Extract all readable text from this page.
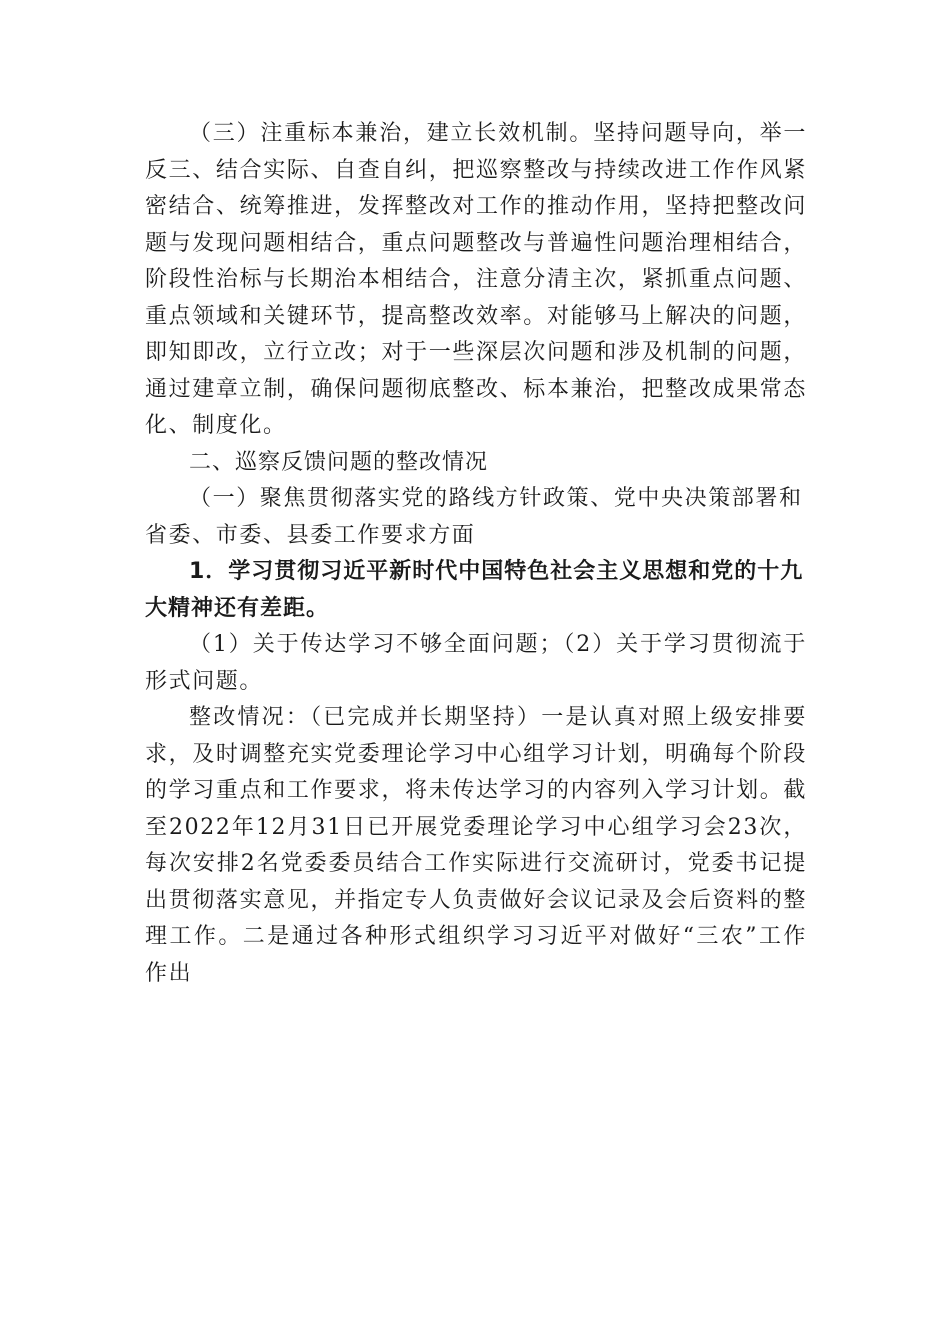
（三）注重标本兼治，建立长效机制。坚持问题导向，举一反三、结合实际、自查自纠，把巡察整改与持续改进工作作风紧密结合、统筹推进，发挥整改对工作的推动作用，坚持把整改问题与发现问题相结合，重点问题整改与普遍性问题治理相结合，阶段性治标与长期治本相结合，注意分清主次，紧抓重点问题、重点领域和关键环节，提高整改效率。对能够马上解决的问题，即知即改，立行立改；对于一些深层次问题和涉及机制的问题，通过建章立制，确保问题彻底整改、标本兼治，把整改成果常态化、制度化。

二、巡察反馈问题的整改情况

（一）聚焦贯彻落实党的路线方针政策、党中央决策部署和省委、市委、县委工作要求方面

1．学习贯彻习近平新时代中国特色社会主义思想和党的十九大精神还有差距。

（1）关于传达学习不够全面问题；（2）关于学习贯彻流于形式问题。

整改情况：（已完成并长期坚持）一是认真对照上级安排要求，及时调整充实党委理论学习中心组学习计划，明确每个阶段的学习重点和工作要求，将未传达学习的内容列入学习计划。截至2022年12月31日已开展党委理论学习中心组学习会23次，每次安排2名党委委员结合工作实际进行交流研讨，党委书记提出贯彻落实意见，并指定专人负责做好会议记录及会后资料的整理工作。二是通过各种形式组织学习习近平对做好“三农”工作作出
